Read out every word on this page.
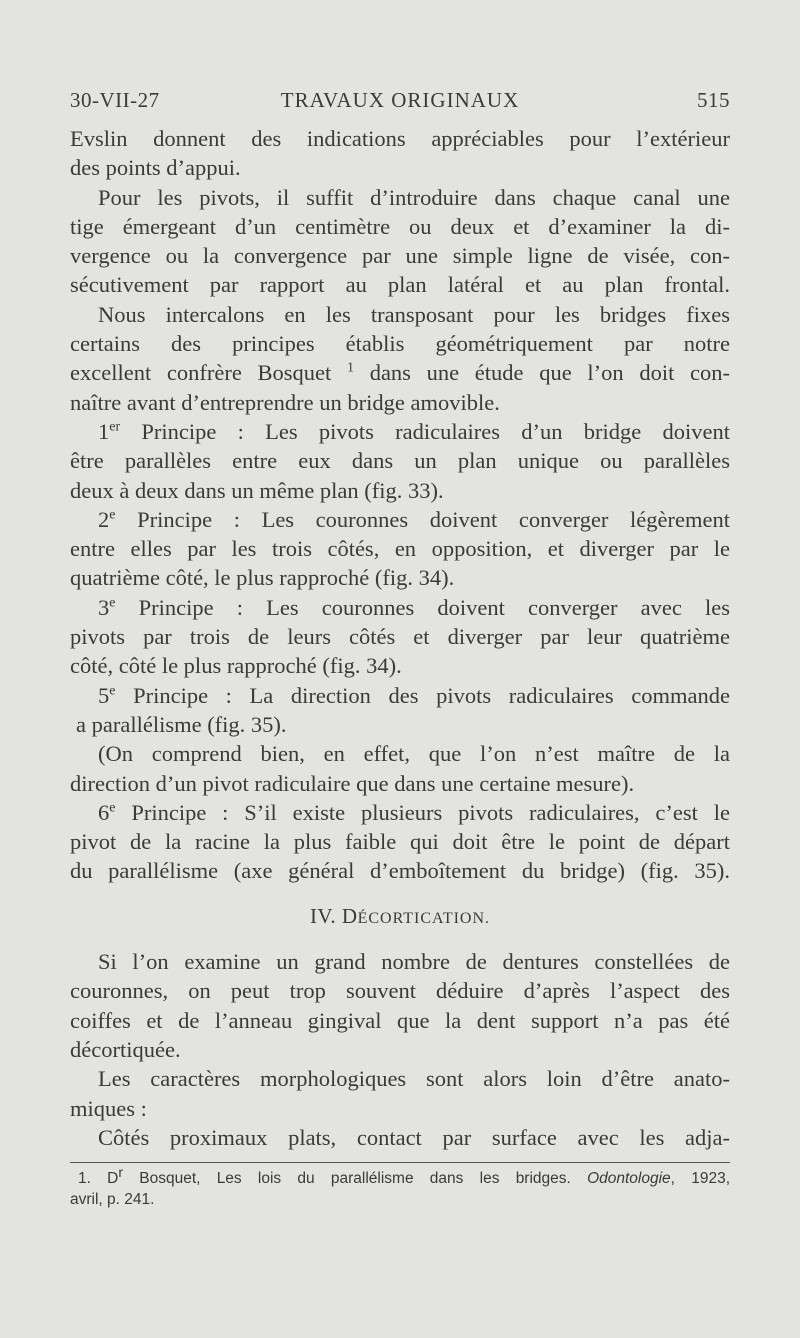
30-VII-27	TRAVAUX ORIGINAUX	515
Evslin donnent des indications appréciables pour l’extérieur
des points d’appui.
Pour les pivots, il suffit d’introduire dans chaque canal une
tige émergeant d’un centimètre ou deux et d’examiner la di-
vergence ou la convergence par une simple ligne de visée, con-
sécutivement par rapport au plan latéral et au plan frontal.
Nous intercalons en les transposant pour les bridges fixes
certains des principes établis géométriquement par notre
excellent confrère Bosquet $^1$ dans une étude que l’on doit con-
naître avant d’entreprendre un bridge amovible.
1er Principe : Les pivots radiculaires d’un bridge doivent
être parallèles entre eux dans un plan unique ou parallèles
deux à deux dans un même plan (fig. 33).
2e Principe : Les couronnes doivent converger légèrement
entre elles par les trois côtés, en opposition, et diverger par le
quatrième côté, le plus rapproché (fig. 34).
3e Principe : Les couronnes doivent converger avec les
pivots par trois de leurs côtés et diverger par leur quatrième
côté, côté le plus rapproché (fig. 34).
5e Principe : La direction des pivots radiculaires commande
a parallélisme (fig. 35).
(On comprend bien, en effet, que l’on n’est maître de la
direction d’un pivot radiculaire que dans une certaine mesure).
6e Principe : S’il existe plusieurs pivots radiculaires, c’est le
pivot de la racine la plus faible qui doit être le point de départ
du parallélisme (axe général d’emboîtement du bridge) (fig. 35).
IV. DÉCORTICATION.
Si l’on examine un grand nombre de dentures constellées de
couronnes, on peut trop souvent déduire d’après l’aspect des
coiffes et de l’anneau gingival que la dent support n’a pas été
décortiquée.
Les caractères morphologiques sont alors loin d’être anato-
miques :
Côtés proximaux plats, contact par surface avec les adja-
1. $D^r$ Bosquet, Les lois du parallélisme dans les bridges. Odontologie, 1923,
avril, p. 241.
